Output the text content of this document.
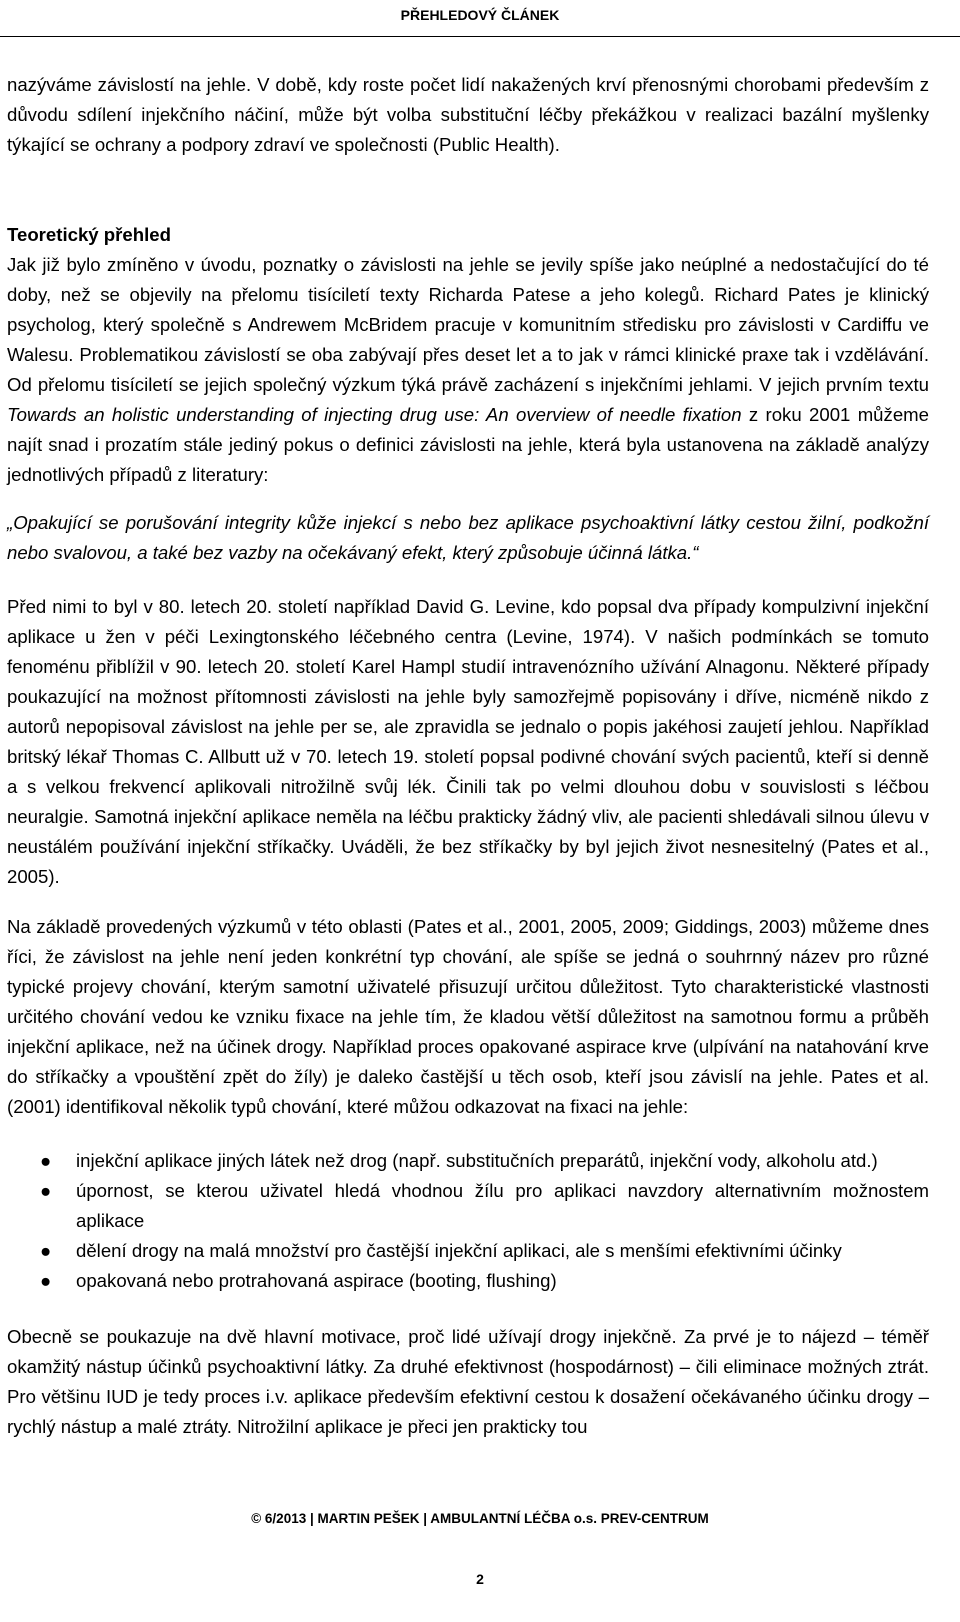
PŘEHLEDOVÝ ČLÁNEK

nazýváme závislostí na jehle. V době, kdy roste počet lidí nakažených krví přenosnými chorobami především z důvodu sdílení injekčního náčiní, může být volba substituční léčby překážkou v realizaci bazální myšlenky týkající se ochrany a podpory zdraví ve společnosti (Public Health).

Teoretický přehled

Jak již bylo zmíněno v úvodu, poznatky o závislosti na jehle se jevily spíše jako neúplné a nedostačující do té doby, než se objevily na přelomu tisíciletí texty Richarda Patese a jeho kolegů. Richard Pates je klinický psycholog, který společně s Andrewem McBridem pracuje v komunitním středisku pro závislosti v Cardiffu ve Walesu. Problematikou závislostí se oba zabývají přes deset let a to jak v rámci klinické praxe tak i vzdělávání. Od přelomu tisíciletí se jejich společný výzkum týká právě zacházení s injekčními jehlami. V jejich prvním textu Towards an holistic understanding of injecting drug use: An overview of needle fixation z roku 2001 můžeme najít snad i prozatím stále jediný pokus o definici závislosti na jehle, která byla ustanovena na základě analýzy jednotlivých případů z literatury:

„Opakující se porušování integrity kůže injekcí s nebo bez aplikace psychoaktivní látky cestou žilní, podkožní nebo svalovou, a také bez vazby na očekávaný efekt, který způsobuje účinná látka.“

Před nimi to byl v 80. letech 20. století například David G. Levine, kdo popsal dva případy kompulzivní injekční aplikace u žen v péči Lexingtonského léčebného centra (Levine, 1974). V našich podmínkách se tomuto fenoménu přiblížil v 90. letech 20. století Karel Hampl studií intravenózního užívání Alnagonu. Některé případy poukazující na možnost přítomnosti závislosti na jehle byly samozřejmě popisovány i dříve, nicméně nikdo z autorů nepopisoval závislost na jehle per se, ale zpravidla se jednalo o popis jakéhosi zaujetí jehlou. Například britský lékař Thomas C. Allbutt už v 70. letech 19. století popsal podivné chování svých pacientů, kteří si denně a s velkou frekvencí aplikovali nitrožilně svůj lék. Činili tak po velmi dlouhou dobu v souvislosti s léčbou neuralgie. Samotná injekční aplikace neměla na léčbu prakticky žádný vliv, ale pacienti shledávali silnou úlevu v neustálém používání injekční stříkačky. Uváděli, že bez stříkačky by byl jejich život nesnesitelný (Pates et al., 2005).

Na základě provedených výzkumů v této oblasti (Pates et al., 2001, 2005, 2009; Giddings, 2003) můžeme dnes říci, že závislost na jehle není jeden konkrétní typ chování, ale spíše se jedná o souhrnný název pro různé typické projevy chování, kterým samotní uživatelé přisuzují určitou důležitost. Tyto charakteristické vlastnosti určitého chování vedou ke vzniku fixace na jehle tím, že kladou větší důležitost na samotnou formu a průběh injekční aplikace, než na účinek drogy. Například proces opakované aspirace krve (ulpívání na natahování krve do stříkačky a vpouštění zpět do žíly) je daleko častější u těch osob, kteří jsou závislí na jehle. Pates et al. (2001) identifikoval několik typů chování, které můžou odkazovat na fixaci na jehle:

● injekční aplikace jiných látek než drog (např. substitučních preparátů, injekční vody, alkoholu atd.)
● úpornost, se kterou uživatel hledá vhodnou žílu pro aplikaci navzdory alternativním možnostem aplikace
● dělení drogy na malá množství pro častější injekční aplikaci, ale s menšími efektivními účinky
● opakovaná nebo protrahovaná aspirace (booting, flushing)

Obecně se poukazuje na dvě hlavní motivace, proč lidé užívají drogy injekčně. Za prvé je to nájezd – téměř okamžitý nástup účinků psychoaktivní látky. Za druhé efektivnost (hospodárnost) – čili eliminace možných ztrát. Pro většinu IUD je tedy proces i.v. aplikace především efektivní cestou k dosažení očekávaného účinku drogy – rychlý nástup a malé ztráty. Nitrožilní aplikace je přeci jen prakticky tou

© 6/2013 | MARTIN PEŠEK | AMBULANTNÍ LÉČBA o.s. PREV-CENTRUM
2
